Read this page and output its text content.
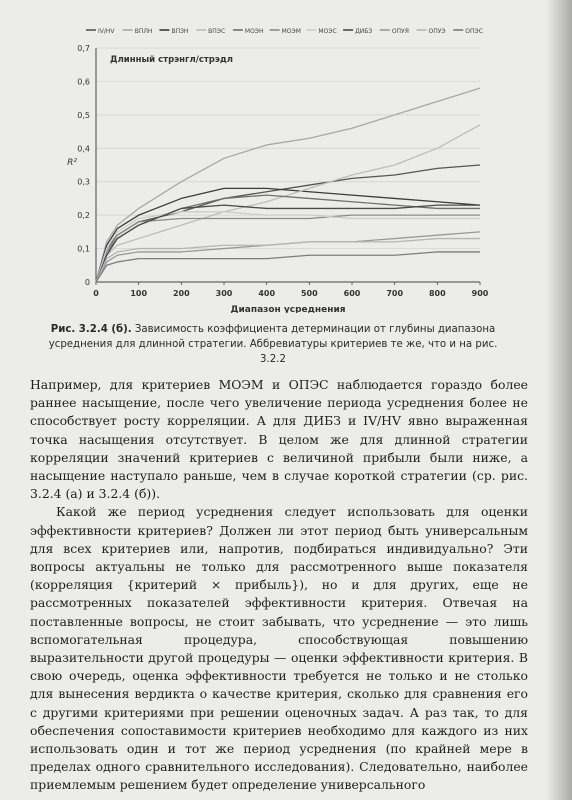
0
0,1
0,2
0,3
0,4
0,5
0,6
0,7
0	100	200	300	400	500	600	700	800	900
Диапазон усреднения
R²
Длинный стрэнгл/стрэдл
IV/HV	ВПЛН	ВПЗН	ВПЭС	МОЭН	МОЭМ	МОЭС	ДИБЗ	ОПУЯ	ОПУЭ	ОПЭС
Рис. 3.2.4 (б). Зависимость коэффициента детерминации от глубины диапазона усреднения для длинной стратегии. Аббревиатуры критериев те же, что и на рис. 3.2.2

Например, для критериев МОЭМ и ОПЭС наблюдается гораздо более раннее насыщение, после чего увеличение периода усреднения более не способствует росту корреляции. А для ДИБЗ и IV/HV явно выраженная точка насыщения отсутствует. В целом же для длинной стратегии корреляции значений критериев с величиной прибыли были ниже, а насыщение наступало раньше, чем в случае короткой стратегии (ср. рис. 3.2.4 (а) и 3.2.4 (б)).

Какой же период усреднения следует использовать для оценки эффективности критериев? Должен ли этот период быть универсальным для всех критериев или, напротив, подбираться индивидуально? Эти вопросы актуальны не только для рассмотренного выше показателя (корреляция {критерий × прибыль}), но и для других, еще не рассмотренных показателей эффективности критерия. Отвечая на поставленные вопросы, не стоит забывать, что усреднение — это лишь вспомогательная процедура, способствующая повышению выразительности другой процедуры — оценки эффективности критерия. В свою очередь, оценка эффективности требуется не только и не столько для вынесения вердикта о качестве критерия, сколько для сравнения его с другими критериями при решении оценочных задач. А раз так, то для обеспечения сопоставимости критериев необходимо для каждого из них использовать один и тот же период усреднения (по крайней мере в пределах одного сравнительного исследования). Следовательно, наиболее приемлемым решением будет определение универсального
